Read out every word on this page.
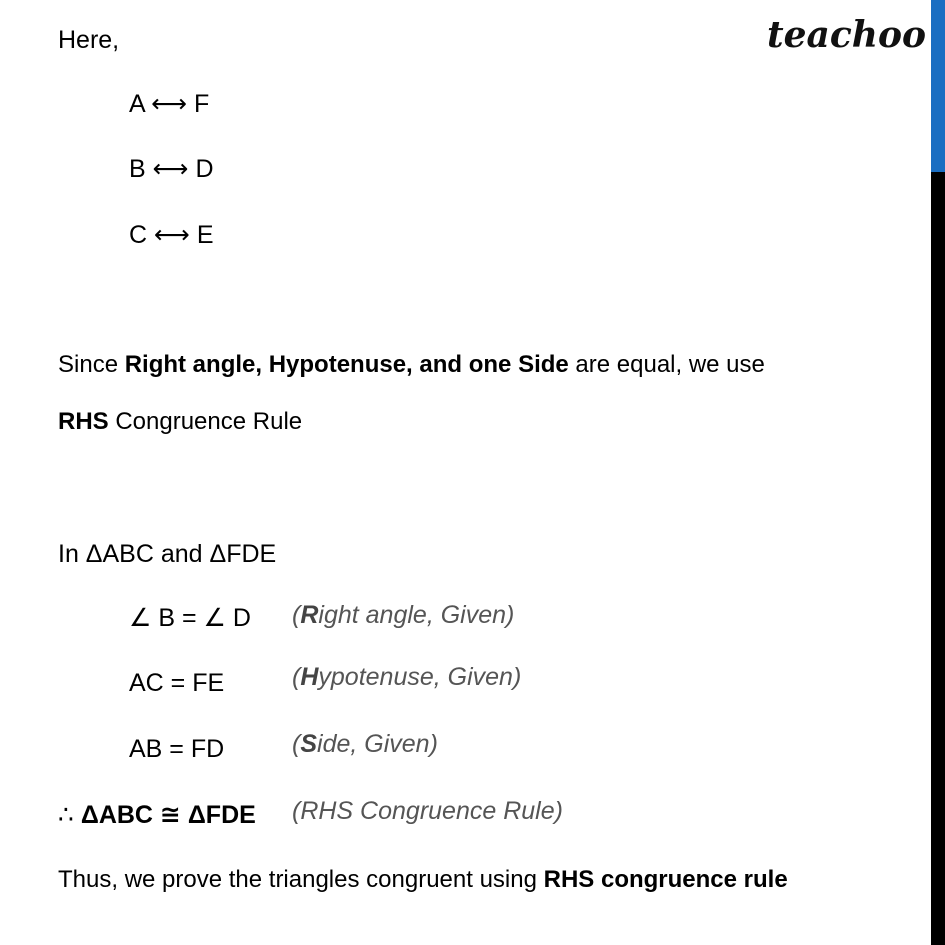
teachoo
Here,
A ⟷ F
B ⟷ D
C ⟷ E
Since Right angle, Hypotenuse, and one Side are equal, we use
RHS Congruence Rule
In ΔABC and ΔFDE
∠ B = ∠ D (Right angle, Given)
AC = FE	(Hypotenuse, Given)
AB = FD	(Side, Given)
∴ ΔABC ≅ ΔFDE (RHS Congruence Rule)
Thus, we prove the triangles congruent using RHS congruence rule
